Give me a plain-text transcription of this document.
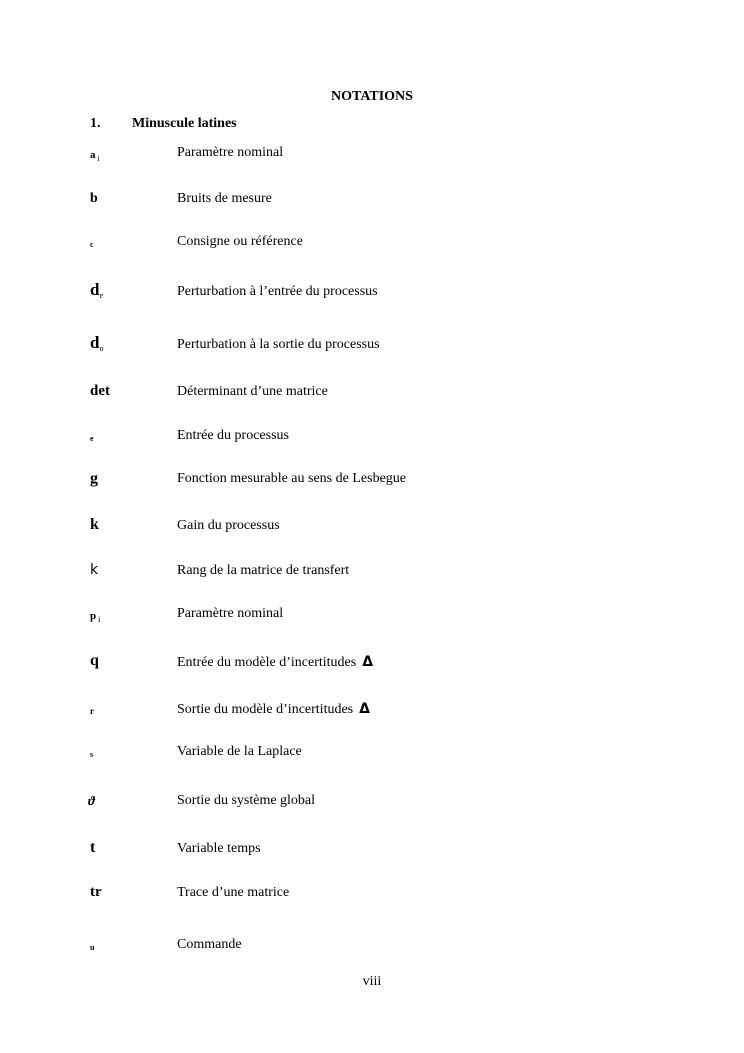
NOTATIONS
1. Minuscule latines
a $_i$	Paramètre nominal
b	Bruits de mesure
c	Consigne ou référence
de	Perturbation à l’entrée du processus
do	Perturbation à la sortie du processus
det	Déterminant d’une matrice
e	Entrée du processus
g	Fonction mesurable au sens de Lesbegue
k	Gain du processus
k	Rang de la matrice de transfert
p $_i$	Paramètre nominal
q	Entrée du modèle d’incertitudes Δ
r	Sortie du modèle d’incertitudes Δ
s	Variable de la Laplace
ϑ	Sortie du système global
t	Variable temps
tr	Trace d’une matrice
u	Commande
viii
